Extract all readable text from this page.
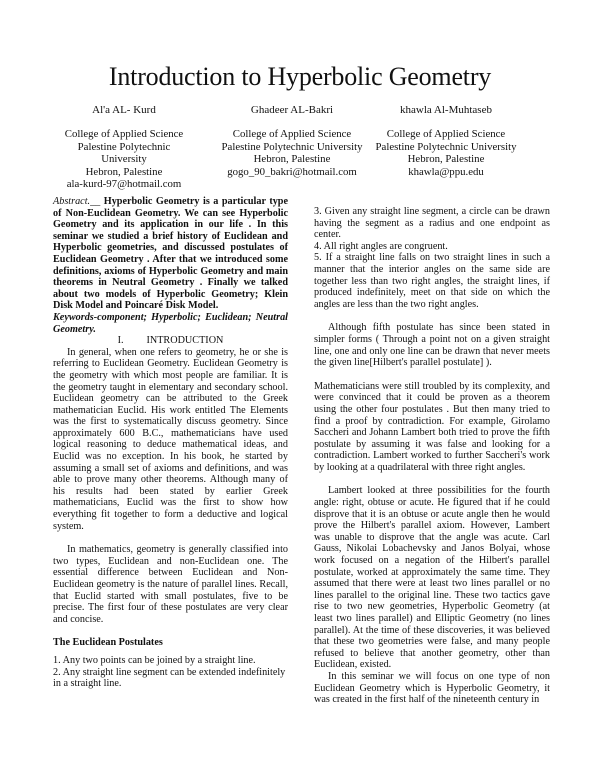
Introduction to Hyperbolic Geometry
Al'a AL- Kurd
College of Applied Science
Palestine Polytechnic
University
Hebron, Palestine
ala-kurd-97@hotmail.com
Ghadeer AL-Bakri
College of Applied Science
Palestine Polytechnic University
Hebron, Palestine
gogo_90_bakri@hotmail.com
khawla Al-Muhtaseb
College of Applied Science
Palestine Polytechnic University
Hebron, Palestine
khawla@ppu.edu

Abstract.__ Hyperbolic Geometry is a particular type of Non-Euclidean Geometry. We can see Hyperbolic Geometry and its application in our life . In this seminar we studied a brief history of Euclidean and Hyperbolic geometries, and discussed postulates of Euclidean Geometry . After that we introduced some definitions, axioms of Hyperbolic Geometry and main theorems in Neutral Geometry . Finally we talked about two models of Hyperbolic Geometry; Klein Disk Model and Poincaré Disk Model.

Keywords-component; Hyperbolic; Euclidean; Neutral Geometry.

I.         INTRODUCTION

In general, when one refers to geometry, he or she is referring to Euclidean Geometry. Euclidean Geometry is the geometry with which most people are familiar. It is the geometry taught in elementary and secondary school. Euclidean geometry can be attributed to the Greek mathematician Euclid. His work entitled The Elements was the first to systematically discuss geometry. Since approximately 600 B.C., mathematicians have used logical reasoning to deduce mathematical ideas, and Euclid was no exception. In his book, he started by assuming a small set of axioms and definitions, and was able to prove many other theorems. Although many of his results had been stated by earlier Greek mathematicians, Euclid was the first to show how everything fit together to form a deductive and logical system.

In mathematics, geometry is generally classified into two types, Euclidean and non-Euclidean one. The essential difference between Euclidean and Non-Euclidean geometry is the nature of parallel lines. Recall, that Euclid started with small postulates, five to be precise. The first four of these postulates are very clear and concise.

The Euclidean Postulates

1. Any two points can be joined by a straight line.

2. Any straight line segment can be extended indefinitely in a straight line.

3. Given any straight line segment, a circle can be drawn having the segment as a radius and one endpoint as center.

4. All right angles are congruent.

5. If a straight line falls on two straight lines in such a manner that the interior angles on the same side are together less than two right angles, the straight lines, if produced indefinitely, meet on that side on which the angles are less than the two right angles.

Although fifth postulate has since been stated in simpler forms ( Through a point not on a given straight line, one and only one line can be drawn that never meets the given line[Hilbert's parallel postulate] ).

Mathematicians were still troubled by its complexity, and were convinced that it could be proven as a theorem using the other four postulates . But then many tried to find a proof by contradiction. For example, Girolamo Saccheri and Johann Lambert both tried to prove the fifth postulate by assuming it was false and looking for a contradiction. Lambert worked to further Saccheri's work by looking at a quadrilateral with three right angles.

Lambert looked at three possibilities for the fourth angle: right, obtuse or acute. He figured that if he could disprove that it is an obtuse or acute angle then he would prove the Hilbert's parallel axiom. However, Lambert was unable to disprove that the angle was acute. Carl Gauss, Nikolai Lobachevsky and Janos Bolyai, whose work focused on a negation of the Hilbert's parallel postulate, worked at approximately the same time. They assumed that there were at least two lines parallel or no lines parallel to the original line. These two tactics gave rise to two new geometries, Hyperbolic Geometry (at least two lines parallel) and Elliptic Geometry (no lines parallel). At the time of these discoveries, it was believed that these two geometries were false, and many people refused to believe that another geometry, other than Euclidean, existed.

In this seminar we will focus on one type of non Euclidean Geometry which is Hyperbolic Geometry, it was created in the first half of the nineteenth century in
